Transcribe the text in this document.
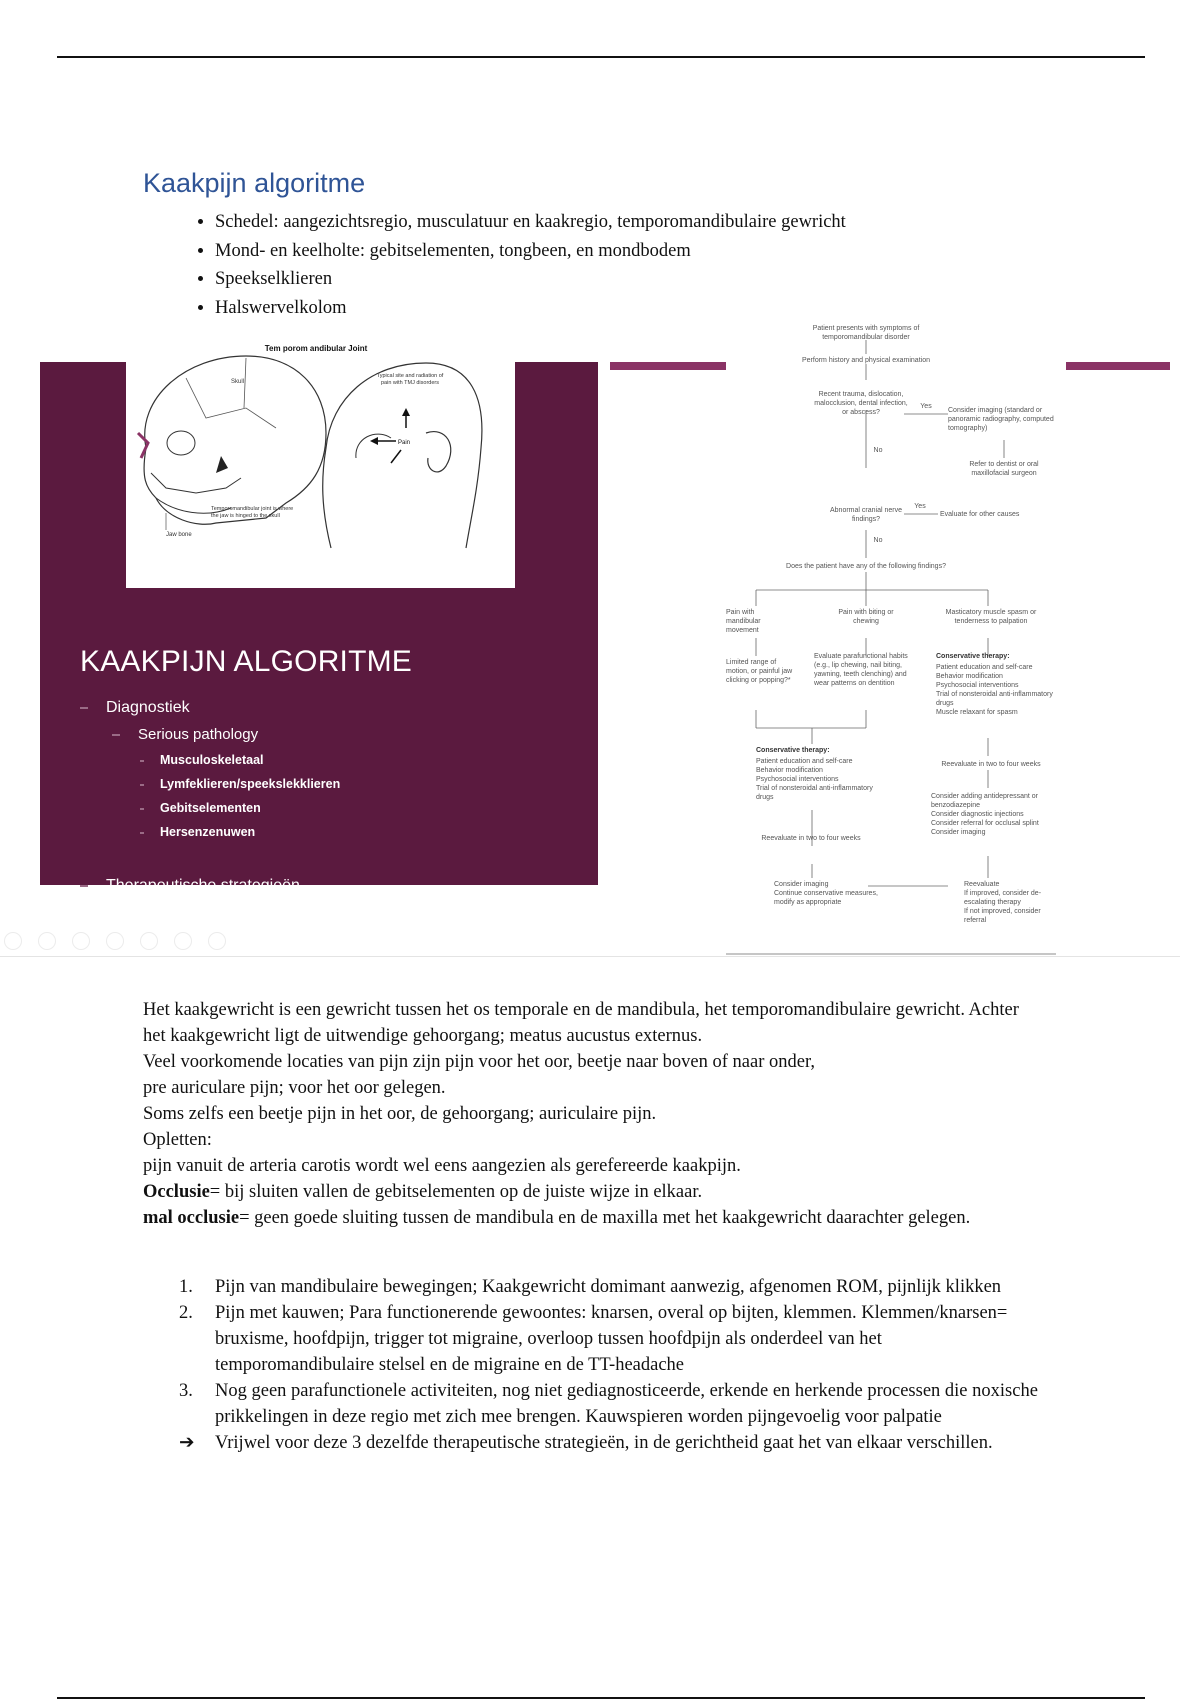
Kaakpijn algoritme
• Schedel: aangezichtsregio, musculatuur en kaakregio, temporomandibulaire gewricht
• Mond- en keelholte: gebitselementen, tongbeen, en mondbodem
• Speekselklieren
• Halswervelkolom
KAAKPIJN ALGORITME
Diagnostiek
Serious pathology
Musculoskeletaal
Lymfeklieren/speekslekklieren
Gebitselementen
Hersenzenuwen
Therapeutische strategieën
Tem porom andibular Joint
Skull
Jaw bone
Temporomandibular joint is where the jaw is hinged to the skull
Pain
Typical site and radiation of pain with TMJ disorders
Patient presents with symptoms of temporomandibular disorder
Perform history and physical examination
Recent trauma, dislocation, malocclusion, dental infection, or abscess?
Yes
Consider imaging (standard or panoramic radiography, computed tomography)
Refer to dentist or oral maxillofacial surgeon
No
Abnormal cranial nerve findings?
Yes
Evaluate for other causes
No
Does the patient have any of the following findings?
Pain with mandibular movement
Pain with biting or chewing
Masticatory muscle spasm or tenderness to palpation
Limited range of motion, or painful jaw clicking or popping?*
Evaluate parafunctional habits (e.g., lip chewing, nail biting, yawning, teeth clenching) and wear patterns on dentition
Conservative therapy:
Patient education and self-care
Behavior modification
Psychosocial interventions
Trial of nonsteroidal anti-inflammatory drugs
Muscle relaxant for spasm
Conservative therapy:
Patient education and self-care
Behavior modification
Psychosocial interventions
Trial of nonsteroidal anti-inflammatory drugs
Reevaluate in two to four weeks
Consider adding antidepressant or benzodiazepine
Consider diagnostic injections
Consider referral for occlusal splint
Consider imaging
Reevaluate in two to four weeks
Consider imaging
Continue conservative measures, modify as appropriate
Reevaluate
If improved, consider de-escalating therapy
If not improved, consider referral

Het kaakgewricht is een gewricht tussen het os temporale en de mandibula, het temporomandibulaire gewricht. Achter het kaakgewricht ligt de uitwendige gehoorgang; meatus aucustus externus.

Veel voorkomende locaties van pijn zijn pijn voor het oor, beetje naar boven of naar onder,

pre auriculare pijn; voor het oor gelegen.

Soms zelfs een beetje pijn in het oor, de gehoorgang; auriculaire pijn.

Opletten:

pijn vanuit de arteria carotis wordt wel eens aangezien als gerefereerde kaakpijn.

Occlusie= bij sluiten vallen de gebitselementen op de juiste wijze in elkaar.

mal occlusie= geen goede sluiting tussen de mandibula en de maxilla met het kaakgewricht daarachter gelegen.

1. Pijn van mandibulaire bewegingen; Kaakgewricht domimant aanwezig, afgenomen ROM, pijnlijk klikken
2. Pijn met kauwen; Para functionerende gewoontes: knarsen, overal op bijten, klemmen. Klemmen/knarsen= bruxisme, hoofdpijn, trigger tot migraine, overloop tussen hoofdpijn als onderdeel van het temporomandibulaire stelsel en de migraine en de TT-headache
3. Nog geen parafunctionele activiteiten, nog niet gediagnosticeerde, erkende en herkende processen die noxische prikkelingen in deze regio met zich mee brengen. Kauwspieren worden pijngevoelig voor palpatie
➔ Vrijwel voor deze 3 dezelfde therapeutische strategieën, in de gerichtheid gaat het van elkaar verschillen.
